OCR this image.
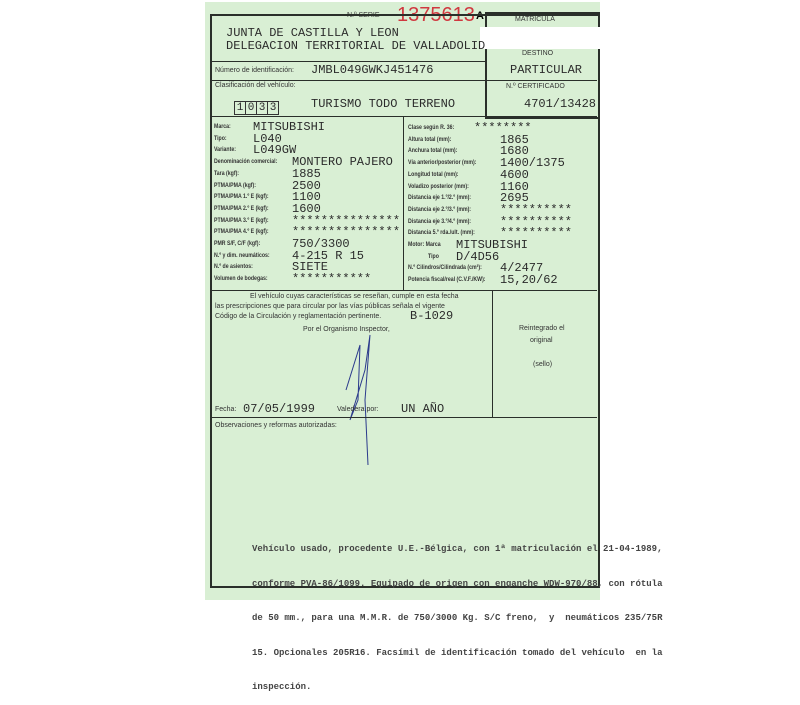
N.º SERIE 1375613 A	MATRICULA
DESTINO
PARTICULAR
N.º CERTIFICADO
4701/13428
JUNTA DE CASTILLA Y LEON
DELEGACION TERRITORIAL DE VALLADOLID
Número de identificación: JMBL049GWKJ451476
Clasificación del vehículo:
1 0 3 3	TURISMO TODO TERRENO
Marca: MITSUBISHI
Tipo: L040
Variante: L049GW
Denominación comercial: MONTERO PAJERO
Tara (kgf):	1885
PTMA/PMA (kgf):	2500
PTMA/PMA 1.º E (kgf): 1100
PTMA/PMA 2.º E (kgf): 1600
PTMA/PMA 3.º E (kgf): ***************
PTMA/PMA 4.º E (kgf): ***************
PMR S/F, C/F (kgf):	750/3300
N.º y dim. neumáticos: 4-215 R 15
N.º de asientos:	SIETE
Volumen de bodegas: ***********
Clase según R. 36: ********
Altura total (mm):	1865
Anchura total (mm):	1680
Vía anterior/posterior (mm): 1400/1375
Longitud total (mm):	4600
Voladizo posterior (mm):	1160
Distancia eje 1.º/2.º (mm): 2695
Distancia eje 2.º/3.º (mm): **********
Distancia eje 3.º/4.º (mm): **********
Distancia 5.º rda./ult. (mm): **********
Motor: Marca MITSUBISHI
Tipo D/4D56
N.º Cilindros/Cilindrada (cm³): 4/2477
Potencia fiscal/real (C.V.F./KW): 15,20/62
El vehículo cuyas características se reseñan, cumple en esta fecha
las prescripciones que para circular por las vías públicas señala el vigente
Código de la Circulación y reglamentación pertinente. B-1029
Por el Organismo Inspector,	Reintegrado el
original
(sello)
Fecha: 07/05/1999	Valedera por: UN AÑO
Observaciones y reformas autorizadas:

Vehículo usado, procedente U.E.-Bélgica, con 1ª matriculación el 21-04-1989,

conforme PVA-86/1099. Equipado de origen con enganche WDW-970/88, con rótula

de 50 mm., para una M.M.R. de 750/3000 Kg. S/C freno,  y  neumáticos 235/75R

15. Opcionales 205R16. Facsímil de identificación tomado del vehículo  en la

inspección.
